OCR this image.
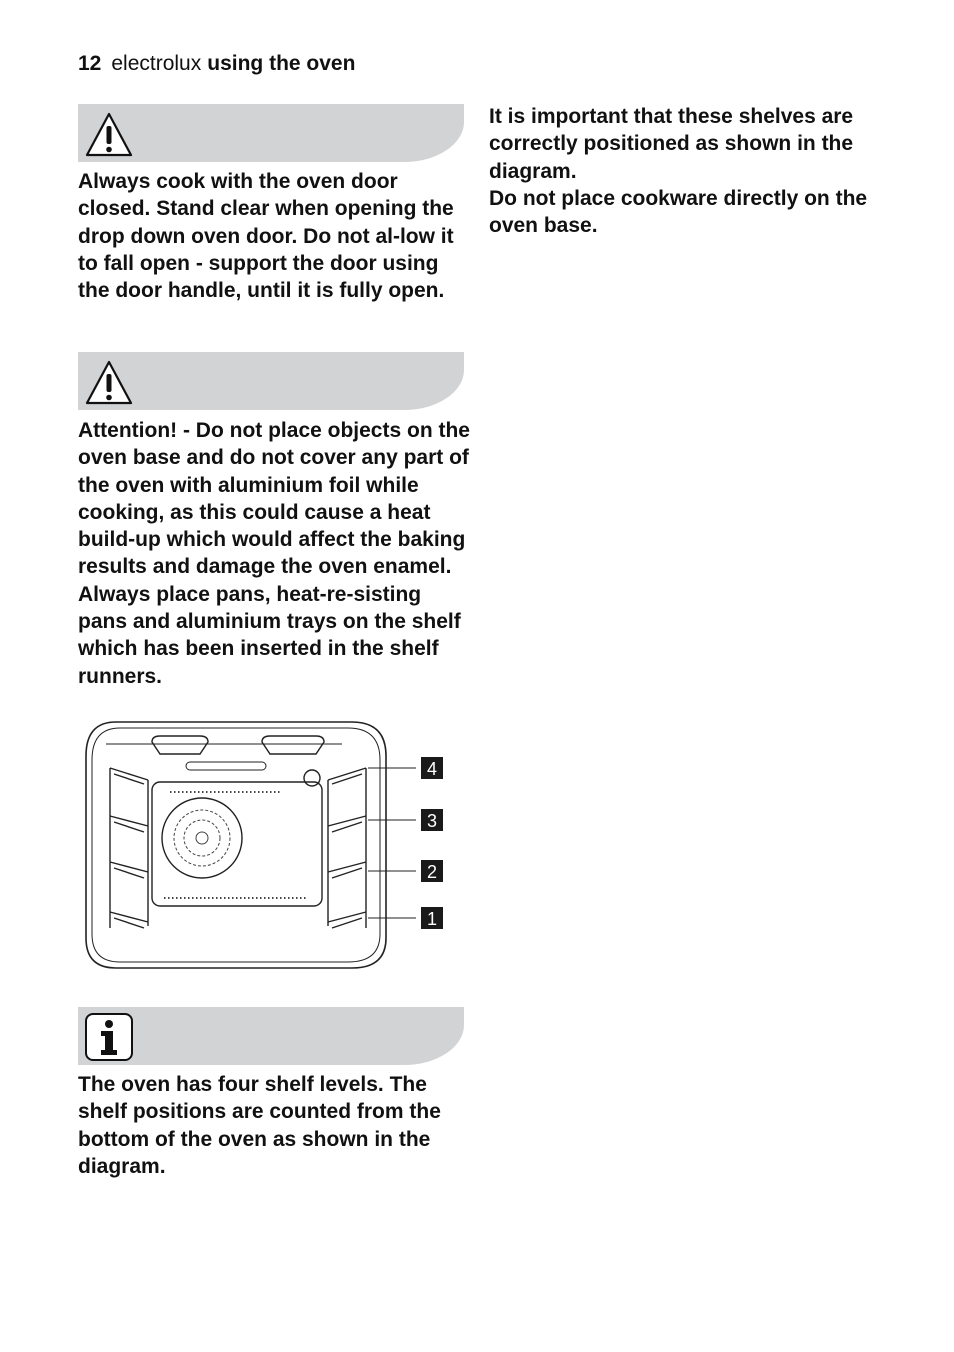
12 electrolux using the oven

Always cook with the oven door closed. Stand clear when opening the drop down oven door. Do not al-low it to fall open - support the door using the door handle, until it is fully open.

Attention! - Do not place objects on the oven base and do not cover any part of the oven with aluminium foil while cooking, as this could cause a heat build-up which would affect the baking results and damage the oven enamel. Always place pans, heat-re-sisting pans and aluminium trays on the shelf which has been inserted in the shelf runners.

4
3
2
1

The oven has four shelf levels. The shelf positions are counted from the bottom of the oven as shown in the diagram.

It is important that these shelves are correctly positioned as shown in the diagram.

Do not place cookware directly on the oven base.
